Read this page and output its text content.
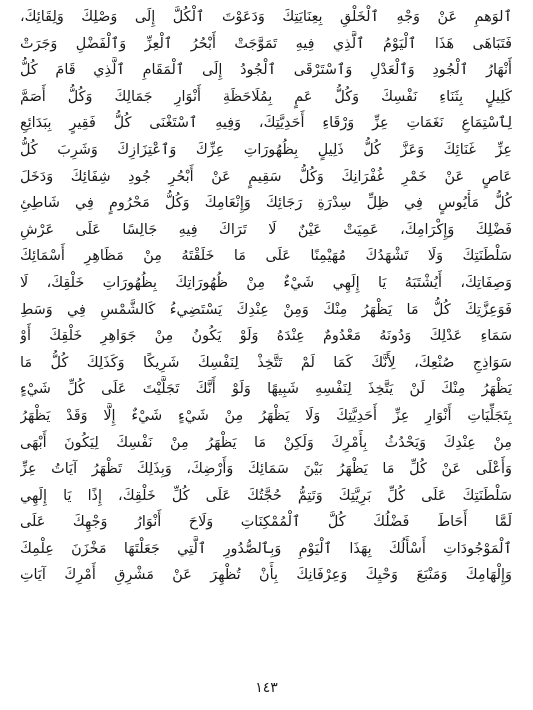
ٱلوَهمِ عَنْ وَجْهِ ٱلْخَلْقِ بِعِنَايَتِكَ وَدَعَوْتَ ٱلْكُلَّ إِلَى وَصْلِكَ وَلِقَائِكَ،
فَتَبَاهَى هَذَا ٱلْيَوْمُ ٱلَّذِي فِيهِ تَمَوَّجَتْ أَبْحُرُ ٱلْعِزِّ وَٱلْفَضْلِ وَجَرَتْ
أَنْهَارُ ٱلْجُودِ وَٱلْعَدْلِ وَٱسْتَرْقَى ٱلْجُودُ إِلَى ٱلْمَقَامِ ٱلَّذِي قَامَ كُلُّ
كَلِيلٍ بِثَنَاءِ نَفْسِكَ وَكُلُّ عَمٍ بِمُلَاحَظَةِ أَنْوَارِ جَمَالِكَ وَكُلُّ أَصَمَّ
لِٱسْتِمَاعِ نَغَمَاتِ عِزِّ وَرْقَاءِ أَحَدِيَّتِكَ، وَفِيهِ ٱسْتَغْنَى كُلُّ فَقِيرٍ بِبَدَائِعِ
عِزِّ غَنَائِكَ وَعَزَّ كُلُّ ذَلِيلٍ بِظُهُورَاتِ عِزِّكَ وَٱعْتِزَازِكَ وَشَرِبَ كُلُّ
عَاصٍ عَنْ خَمْرِ غُفْرَانِكَ وَكُلُّ سَقِيمٍ عَنْ أَبْحُرِ جُودِ شِفَائِكَ وَدَخَلَ
كُلُّ مَأْيُوسٍ فِي ظِلِّ سِدْرَةِ رَجَائِكَ وَإِنْعَامِكَ وَكُلُّ مَحْرُومٍ فِي شَاطِئِ
فَضْلِكَ وَإِكْرَامِكَ، عَمِيَتْ عَيْنٌ لَا تَرَاكَ فِيهِ جَالِسًا عَلَى عَرْشِ
سَلْطَنَتِكَ وَلَا تَشْهَدُكَ مُهَيْمِنًا عَلَى مَا خَلَقْتَهُ مِنْ مَظَاهِرِ أَسْمَائِكَ
وَصِفَاتِكَ، أَيُشْتَبَهُ يَا إِلَهِي شَيْءٌ مِنْ ظُهُورَاتِكَ بِظُهُورَاتِ خَلْقِكَ، لَا
فَوَعِزَّتِكَ كُلُّ مَا يَظْهَرُ مِنْكَ وَمِنْ عِنْدِكَ يَسْتَضِيءُ كَالشَّمْسِ فِي وَسَطِ
سَمَاءِ عَدْلِكَ وَدُونَهُ مَعْدُومٌ عِنْدَهُ وَلَوْ يَكُونُ مِنْ جَوَاهِرِ خَلْقِكَ أَوْ
سَوَاذِجِ صُنْعِكَ، لِأَنَّكَ كَمَا لَمْ تَتَّخِذْ لِنَفْسِكَ شَرِيكًا وَكَذَلِكَ كُلُّ مَا
يَظْهَرُ مِنْكَ لَنْ يَتَّخِذَ لِنَفْسِهِ شَبِيهًا وَلَوْ أَنَّكَ تَجَلَّيْتَ عَلَى كُلِّ شَيْءٍ
بِتَجَلِّيَاتِ أَنْوَارِ عِزِّ أَحَدِيَّتِكَ وَلَا يَظْهَرُ مِنْ شَيْءٍ شَيْءٌ إِلَّا وَقَدْ يَظْهَرُ
مِنْ عِنْدِكَ وَيَحْدُثُ بِأَمْرِكَ وَلَكِنْ مَا يَظْهَرُ مِنْ نَفْسِكَ لِيَكُونَ أَبْهَى
وَأَعْلَى عَنْ كُلِّ مَا يَظْهَرُ بَيْنَ سَمَائِكَ وَأَرْضِكَ، وَبِذَلِكَ تَظْهَرُ آيَاتُ عِزِّ
سَلْطَنَتِكَ عَلَى كُلِّ بَرِيَّتِكَ وَتَتِمُّ حُجَّتُكَ عَلَى كُلِّ خَلْقِكَ، إِذًا يَا إِلَهِي
لَمَّا أَحَاطَ فَضْلُكَ كُلَّ ٱلْمُمْكِنَاتِ وَلَاحَ أَنْوَارُ وَجْهِكَ عَلَى
ٱلْمَوْجُودَاتِ أَسْأَلُكَ بِهَذَا ٱلْيَوْمِ وَبِٱلصُّدُورِ ٱلَّتِي جَعَلْتَهَا مَخْزَنَ عِلْمِكَ
وَإِلْهَامِكَ وَمَنْبَعَ وَحْيِكَ وَعِرْفَانِكَ بِأَنْ تُظْهِرَ عَنْ مَشْرِقِ أَمْرِكَ آيَاتِ
١٤٣
